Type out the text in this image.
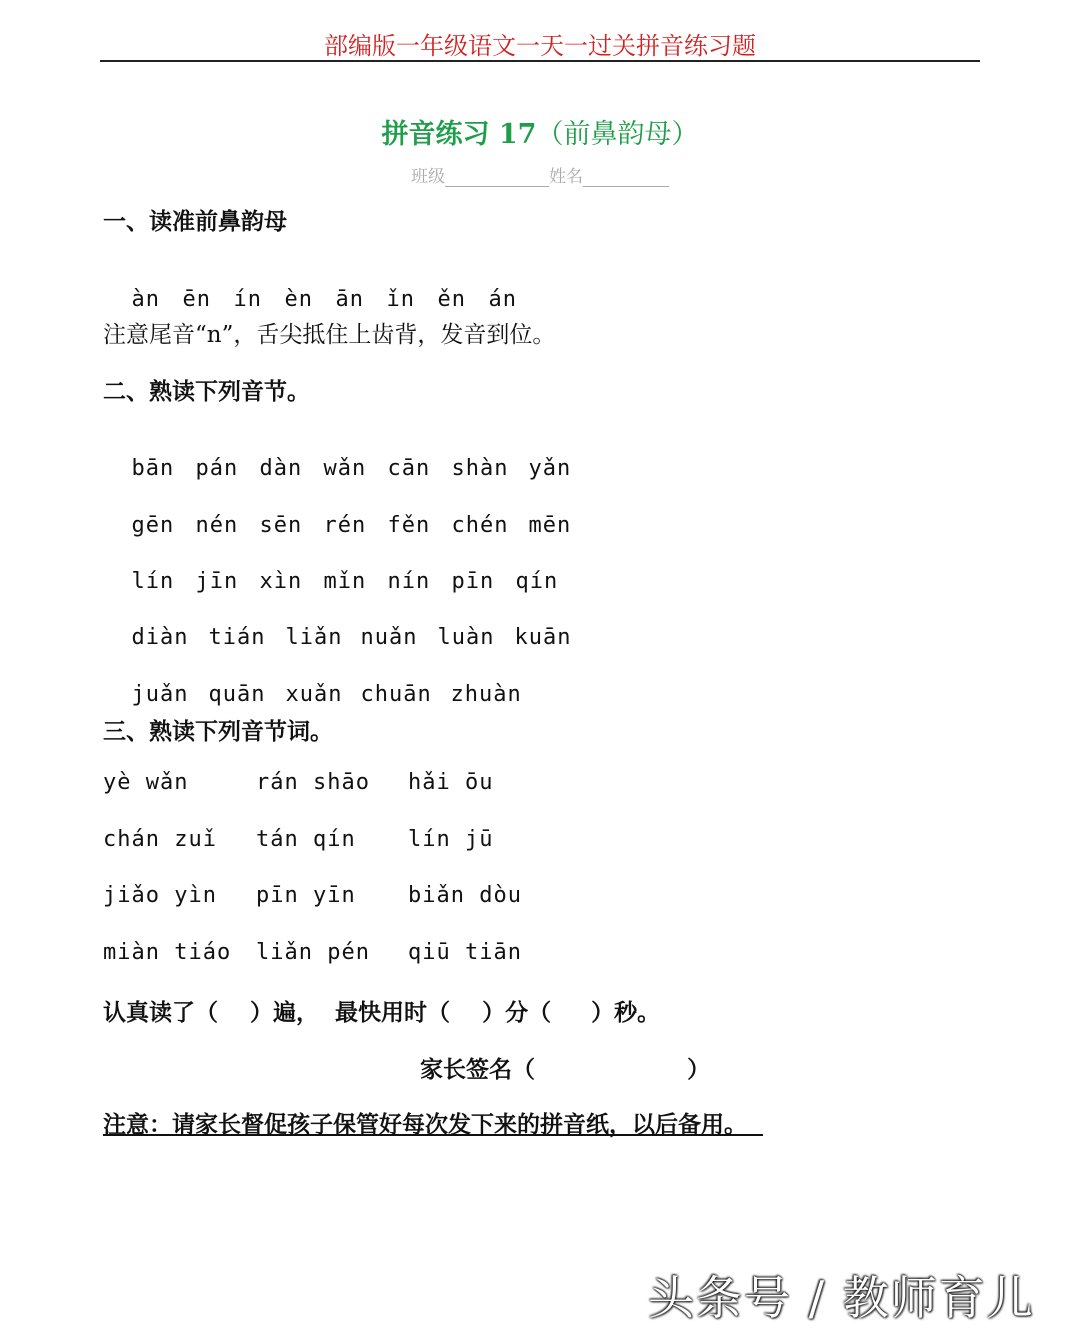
部编版一年级语文一天一过关拼音练习题
拼音练习 17（前鼻韵母）
班级	姓名
一、读准前鼻韵母

àn ēn ín èn ān ǐn ěn án

注意尾音“n”，舌尖抵住上齿背，发音到位。
二、熟读下列音节。

bān pán dàn wǎn cān shàn yǎn

gēn nén sēn rén fěn chén mēn

lín jīn xìn mǐn nín pīn qín

diàn tián liǎn nuǎn luàn kuān

juǎn quān xuǎn chuān zhuàn

三、熟读下列音节词。

yè wǎn

	rán shāo

hǎi ōu

chán zuǐ

tán qín

lín jū

jiǎo yìn

pīn yīn

biǎn dòu

miàn tiáo

liǎn pén

qiū tiān

认真读了（    ）遍，  最快用时（    ）分（     ）秒。
家长签名（                   ）
注意：请家长督促孩子保管好每次发下来的拼音纸，以后备用。
头条号 / 教师育儿
